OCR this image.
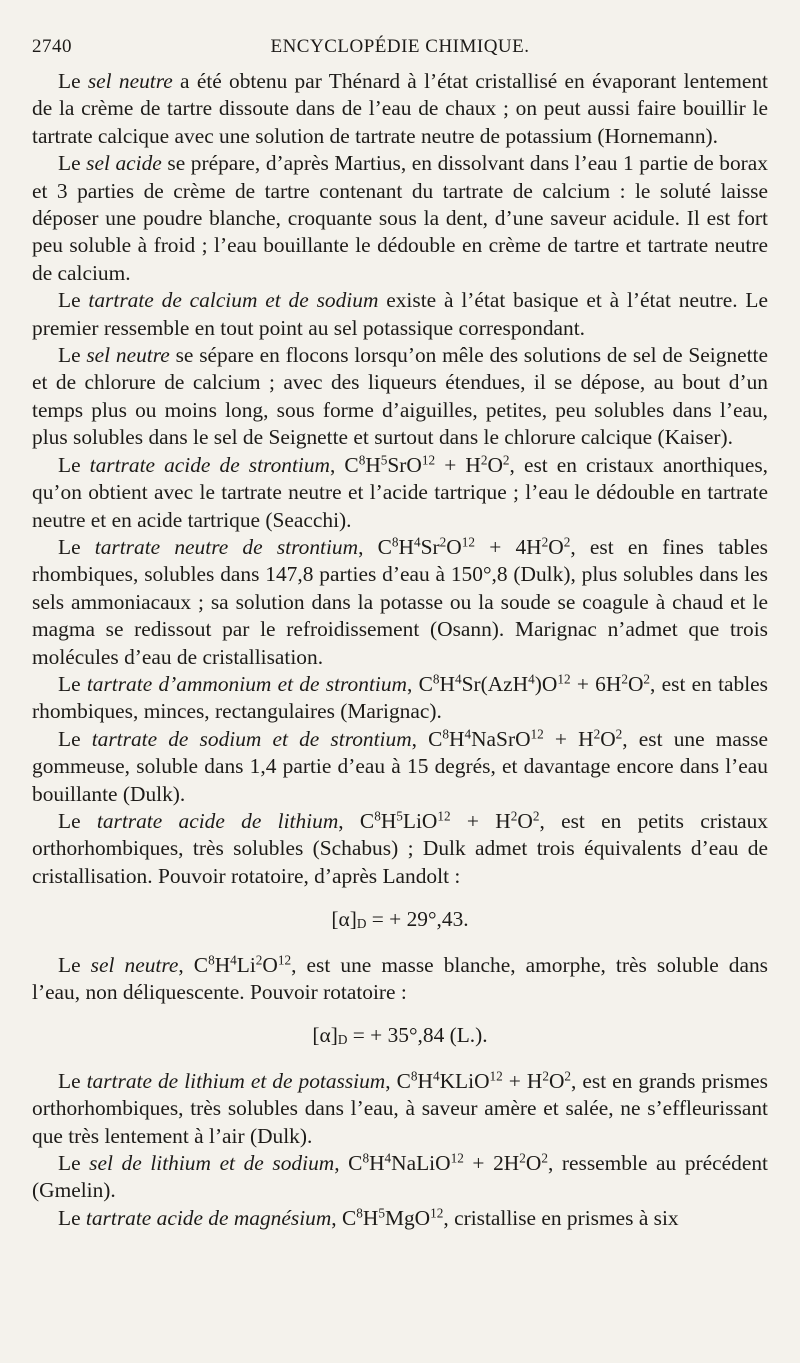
2740	ENCYCLOPÉDIE CHIMIQUE.

Le sel neutre a été obtenu par Thénard à l’état cristallisé en évaporant lentement de la crème de tartre dissoute dans de l’eau de chaux ; on peut aussi faire bouillir le tartrate calcique avec une solution de tartrate neutre de potassium (Hornemann).

Le sel acide se prépare, d’après Martius, en dissolvant dans l’eau 1 partie de borax et 3 parties de crème de tartre contenant du tartrate de calcium : le soluté laisse déposer une poudre blanche, croquante sous la dent, d’une saveur acidule. Il est fort peu soluble à froid ; l’eau bouillante le dédouble en crème de tartre et tartrate neutre de calcium.

Le tartrate de calcium et de sodium existe à l’état basique et à l’état neutre. Le premier ressemble en tout point au sel potassique correspondant.

Le sel neutre se sépare en flocons lorsqu’on mêle des solutions de sel de Seignette et de chlorure de calcium ; avec des liqueurs étendues, il se dépose, au bout d’un temps plus ou moins long, sous forme d’aiguilles, petites, peu solubles dans l’eau, plus solubles dans le sel de Seignette et surtout dans le chlorure calcique (Kaiser).

Le tartrate acide de strontium, $C^8H^5SrO^{12} + H^2O^2$, est en cristaux anorthiques, qu’on obtient avec le tartrate neutre et l’acide tartrique ; l’eau le dédouble en tartrate neutre et en acide tartrique (Seacchi).

Le tartrate neutre de strontium, $C^8H^4Sr^2O^{12} + 4H^2O^2$, est en fines tables rhombiques, solubles dans 147,8 parties d’eau à 150°,8 (Dulk), plus solubles dans les sels ammoniacaux ; sa solution dans la potasse ou la soude se coagule à chaud et le magma se redissout par le refroidissement (Osann). Marignac n’admet que trois molécules d’eau de cristallisation.

Le tartrate d’ammonium et de strontium, $C^8H^4Sr(AzH^4)O^{12} + 6H^2O^2$, est en tables rhombiques, minces, rectangulaires (Marignac).

Le tartrate de sodium et de strontium, $C^8H^4NaSrO^{12} + H^2O^2$, est une masse gommeuse, soluble dans 1,4 partie d’eau à 15 degrés, et davantage encore dans l’eau bouillante (Dulk).

Le tartrate acide de lithium, $C^8H^5LiO^{12} + H^2O^2$, est en petits cristaux orthorhombiques, très solubles (Schabus) ; Dulk admet trois équivalents d’eau de cristallisation. Pouvoir rotatoire, d’après Landolt :

$[\alpha]_D$ = + 29°,43.

Le sel neutre, $C^8H^4Li^2O^{12}$, est une masse blanche, amorphe, très soluble dans l’eau, non déliquescente. Pouvoir rotatoire :

$[\alpha]_D$ = + 35°,84 (L.).

Le tartrate de lithium et de potassium, $C^8H^4KLiO^{12} + H^2O^2$, est en grands prismes orthorhombiques, très solubles dans l’eau, à saveur amère et salée, ne s’effleurissant que très lentement à l’air (Dulk).

Le sel de lithium et de sodium, $C^8H^4NaLiO^{12} + 2H^2O^2$, ressemble au précédent (Gmelin).

Le tartrate acide de magnésium, $C^8H^5MgO^{12}$, cristallise en prismes à six
